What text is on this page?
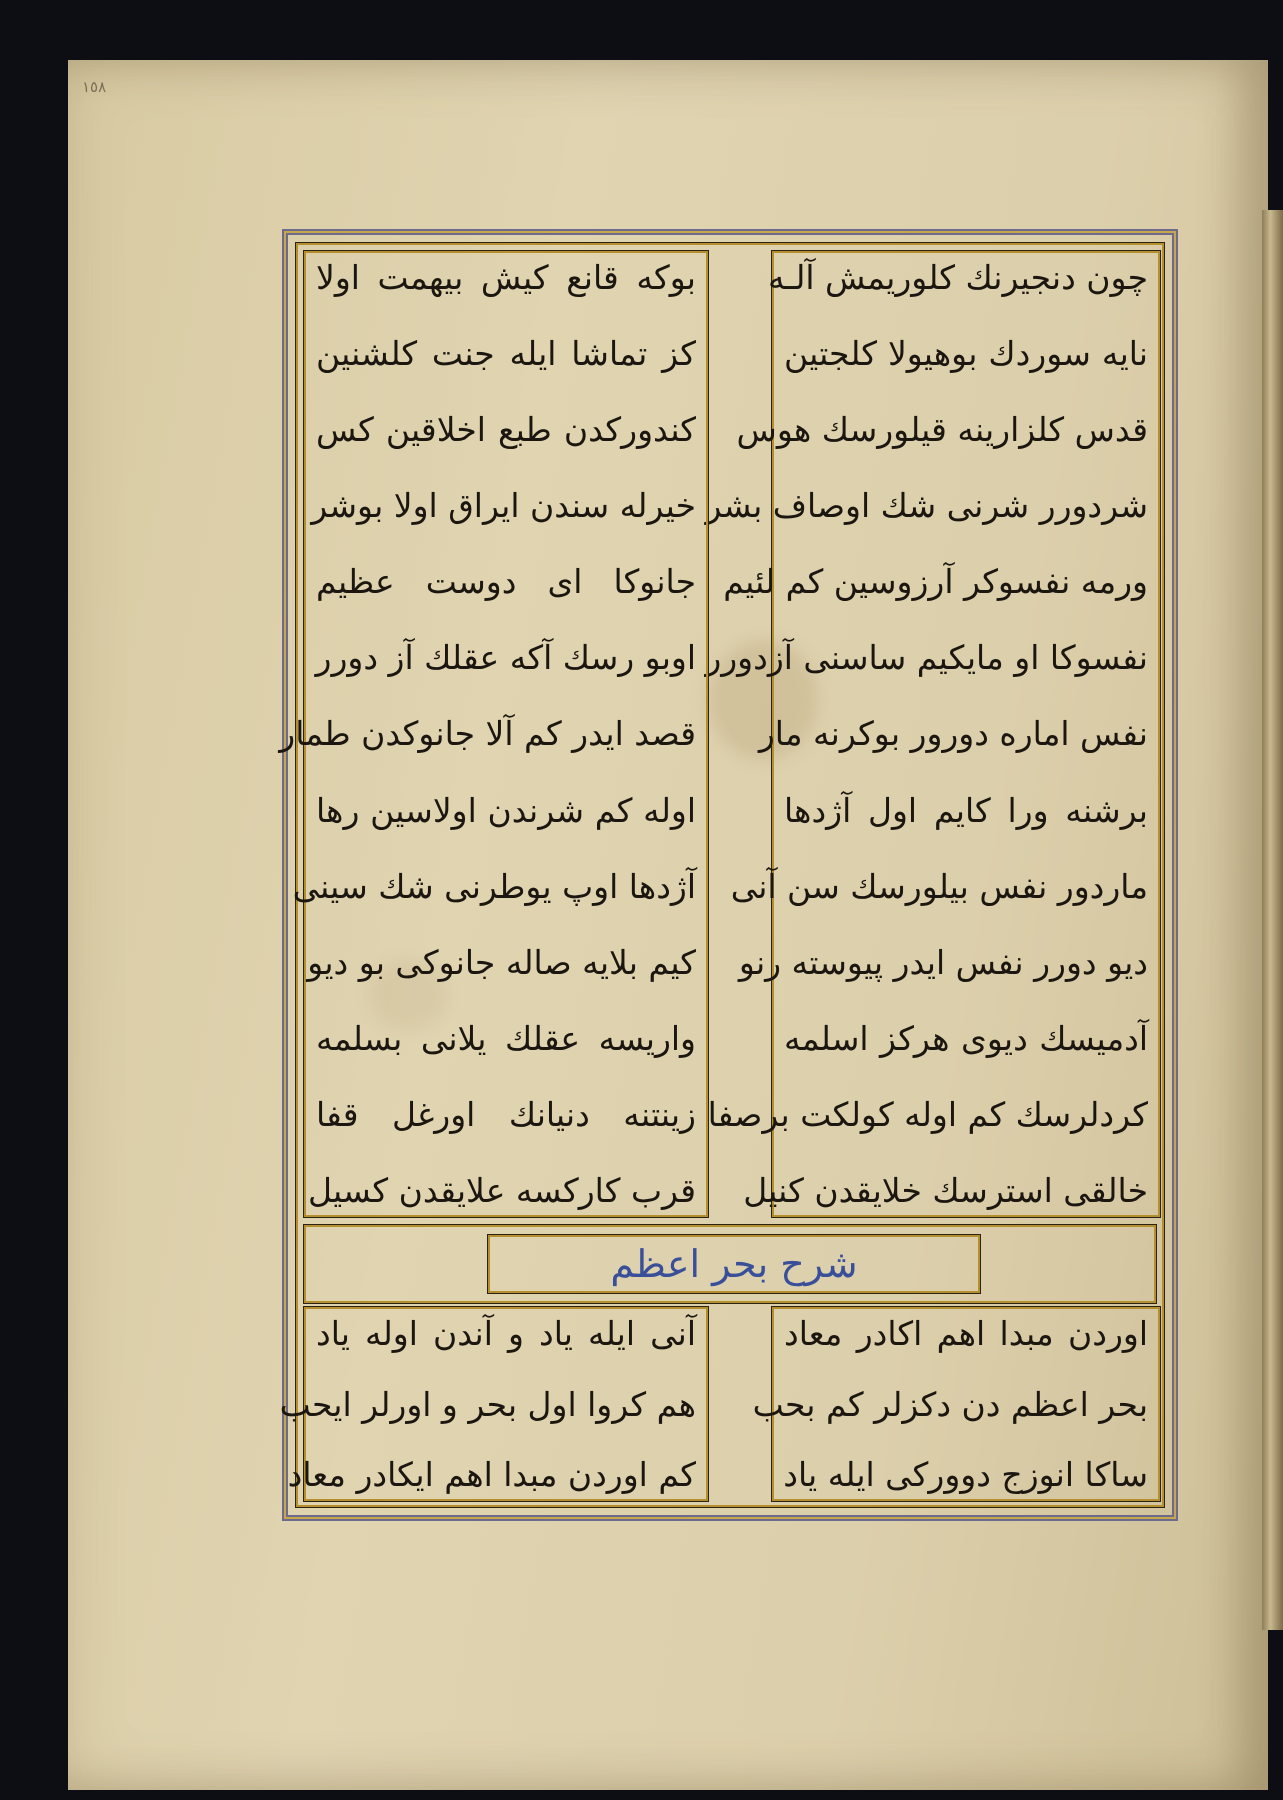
١٥٨
چون دنجیرنك کلوریمش آلـه
نایه سوردك بوهیولا کلجتین
قدس کلزارینه قیلورسك هوس
شردورر شرنی شك اوصاف بشر
ورمه نفسوکر آرزوسین کم لئیم
نفسوکا او مایکیم ساسنی آزدورر
نفس اماره دورور بوکرنه مار
برشنه ورا کایم اول آژدها
ماردور نفس بیلورسك سن آنی
دیو دورر نفس ایدر پیوسته رنو
آدمیسك دیوی هرکز اسلمه
کردلرسك کم اوله کولکت برصفا
خالقی استرسك خلایقدن کنیل
بوکه قانع کیش بیهمت اولا
کز تماشا ایله جنت کلشنین
کندورکدن طبع اخلاقین کس
خیرله سندن ایراق اولا بوشر
جانوکا ای دوست عظیم
اوبو رسك آکه عقلك آز دورر
قصد ایدر کم آلا جانوکدن طمار
اوله کم شرندن اولاسین رها
آژدها اوپ یوطرنی شك سینی
کیم بلایه صاله جانوکی بو دیو
واریسه عقلك یلانی بسلمه
زینتنه دنیانك اورغل قفا
قرب کارکسه علایقدن کسیل
شرح بحر اعظم
اوردن مبدا اهم اکادر معاد
بحر اعظم دن دکزلر کم بحب
ساکا انوزج دوورکی ایله یاد
آنی ایله یاد و آندن اوله یاد
هم کروا اول بحر و اورلر ایحب
کم اوردن مبدا اهم ایکادر معاد
